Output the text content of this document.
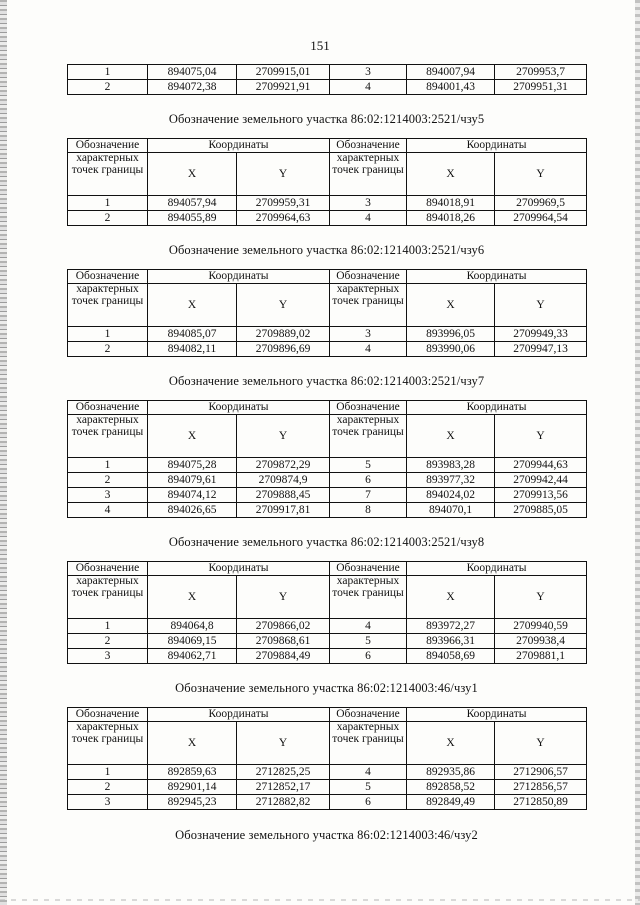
151
1	894075,04	2709915,01	3	894007,94	2709953,7
2	894072,38	2709921,91	4	894001,43	2709951,31
Обозначение земельного участка 86:02:1214003:2521/чзу5
Обозначение	Координаты		Обозначение	Координаты	
характерных точек границы	X	Y	характерных точек границы	X	Y
1	894057,94	2709959,31	3	894018,91	2709969,5
2	894055,89	2709964,63	4	894018,26	2709964,54
Обозначение земельного участка 86:02:1214003:2521/чзу6
Обозначение	Координаты		Обозначение	Координаты	
характерных точек границы	X	Y	характерных точек границы	X	Y
1	894085,07	2709889,02	3	893996,05	2709949,33
2	894082,11	2709896,69	4	893990,06	2709947,13
Обозначение земельного участка 86:02:1214003:2521/чзу7
Обозначение	Координаты		Обозначение	Координаты	
характерных точек границы	X	Y	характерных точек границы	X	Y
1	894075,28	2709872,29	5	893983,28	2709944,63
2	894079,61	2709874,9	6	893977,32	2709942,44
3	894074,12	2709888,45	7	894024,02	2709913,56
4	894026,65	2709917,81	8	894070,1	2709885,05
Обозначение земельного участка 86:02:1214003:2521/чзу8
Обозначение	Координаты		Обозначение	Координаты	
характерных точек границы	X	Y	характерных точек границы	X	Y
1	894064,8	2709866,02	4	893972,27	2709940,59
2	894069,15	2709868,61	5	893966,31	2709938,4
3	894062,71	2709884,49	6	894058,69	2709881,1
Обозначение земельного участка 86:02:1214003:46/чзу1
Обозначение	Координаты		Обозначение	Координаты	
характерных точек границы	X	Y	характерных точек границы	X	Y
1	892859,63	2712825,25	4	892935,86	2712906,57
2	892901,14	2712852,17	5	892858,52	2712856,57
3	892945,23	2712882,82	6	892849,49	2712850,89
Обозначение земельного участка 86:02:1214003:46/чзу2
